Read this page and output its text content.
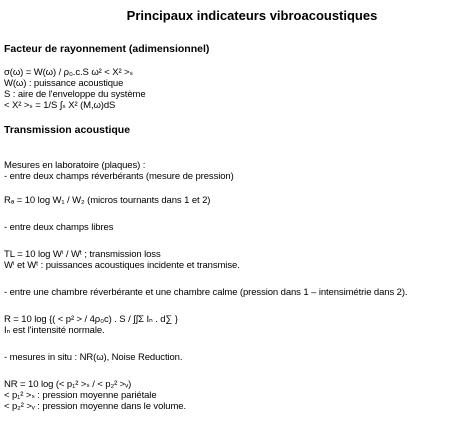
Principaux indicateurs vibroacoustiques
Facteur de rayonnement (adimensionnel)
σ(ω) = W(ω) / ρ₀.c.S ω² < X² >ₛ
W(ω) : puissance acoustique
S : aire de l'enveloppe du système
< X² >ₛ = 1/S ∫ₛ X² (M,ω)dS
Transmission acoustique
Mesures en laboratoire (plaques) :
- entre deux champs réverbérants (mesure de pression)
Rₐ = 10 log W₁ / W₂ (micros tournants dans 1 et 2)
- entre deux champs libres
TL = 10 log Wⁱ / Wᵗ ; transmission loss
Wⁱ et Wᵗ : puissances acoustiques incidente et transmise.
- entre une chambre réverbérante et une chambre calme (pression dans 1 – intensimétrie dans 2).
R = 10 log {( < p² > / 4ρ₀c) . S / ∫∫Σ Iₙ . d∑ }
Iₙ est l'intensité normale.
- mesures in situ : NR(ω), Noise Reduction.
NR = 10 log (< p₁² >ₛ / < p₂² >ᵥ)
< p₁² >ₛ : pression moyenne pariétale
< p₂² >ᵥ : pression moyenne dans le volume.
